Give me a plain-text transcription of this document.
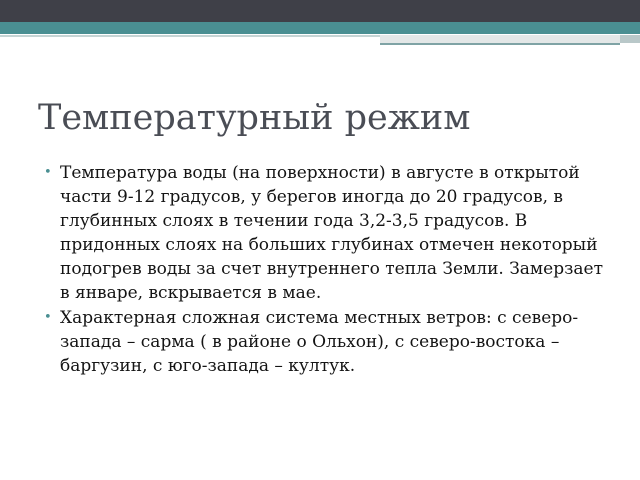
Температурный режим
• Температура воды (на поверхности) в августе в открытой части 9-12 градусов, у берегов иногда до 20 градусов, в глубинных слоях в течении года 3,2-3,5 градусов. В придонных слоях на больших глубинах отмечен некоторый подогрев воды за счет внутреннего тепла Земли. Замерзает в январе, вскрывается в мае.
• Характерная сложная система местных ветров: с северо-запада – сарма ( в районе о Ольхон), с северо-востока – баргузин, с юго-запада – култук.
